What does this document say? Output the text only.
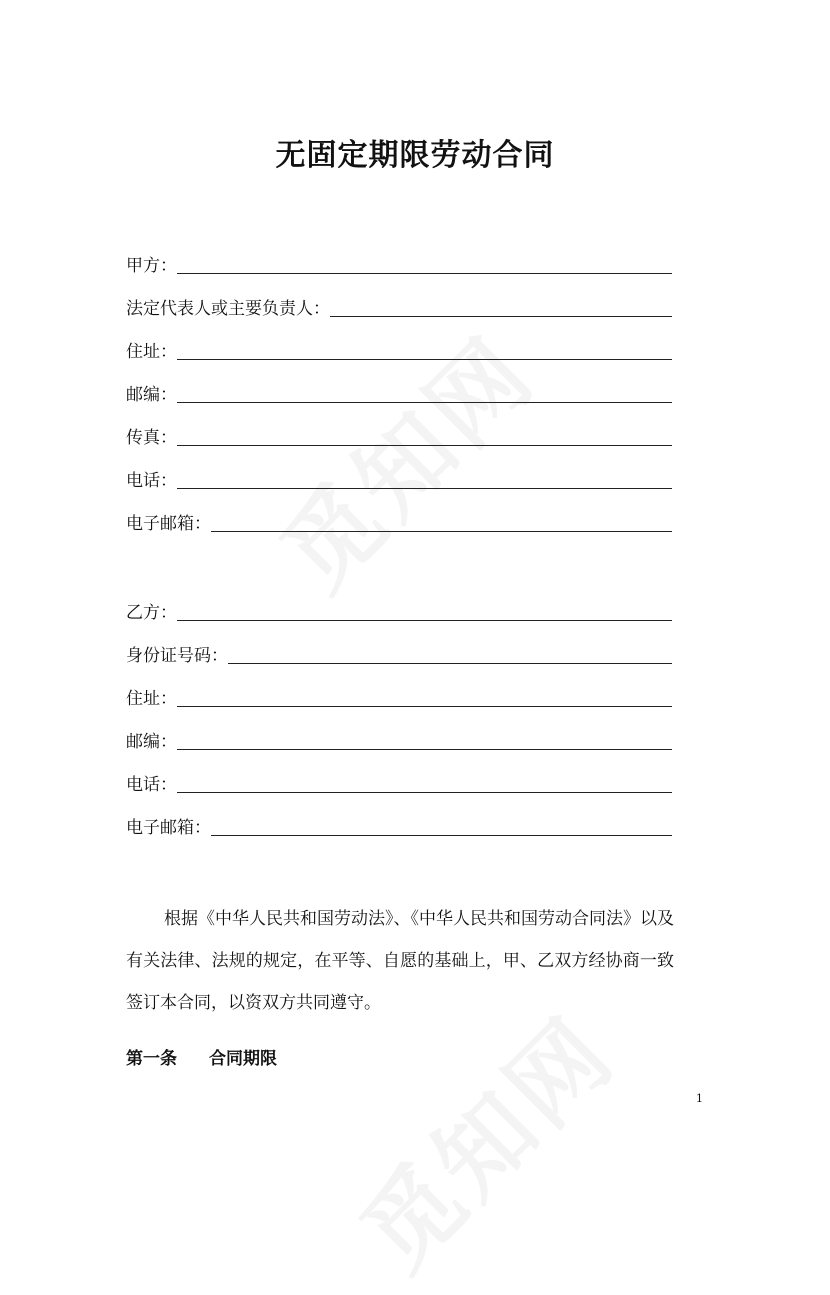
无固定期限劳动合同
甲方：
法定代表人或主要负责人：
住址：
邮编：
传真：
电话：
电子邮箱：
乙方：
身份证号码：
住址：
邮编：
电话：
电子邮箱：

根据《中华人民共和国劳动法》、《中华人民共和国劳动合同法》以及有关法律、法规的规定，在平等、自愿的基础上，甲、乙双方经协商一致签订本合同，以资双方共同遵守。

第一条 合同期限
1
